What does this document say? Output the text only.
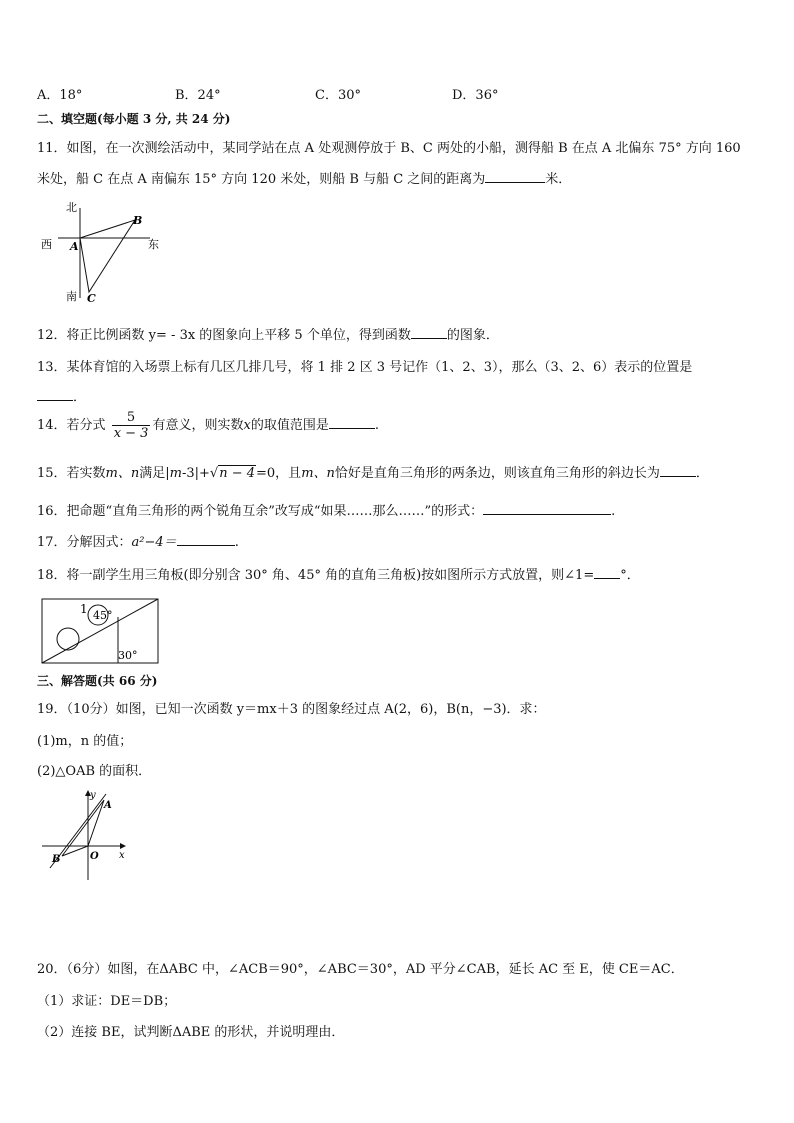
A．18°	B．24°	C．30°	D．36°
二、填空题(每小题 3 分, 共 24 分)
11．如图，在一次测绘活动中，某同学站在点 A 处观测停放于 B、C 两处的小船，测得船 B 在点 A 北偏东 75° 方向 160
米处，船 C 在点 A 南偏东 15° 方向 120 米处，则船 B 与船 C 之间的距离为	米．
北
南
西	东
A
B
C
12．将正比例函数 y= - 3x 的图象向上平移 5 个单位，得到函数	的图象．
13．某体育馆的入场票上标有几区几排几号，将 1 排 2 区 3 号记作（1、2、3），那么（3、2、6）表示的位置是
．
14．若分式 $\frac{5}{x - 3}$ 有意义，则实数x的取值范围是	.
15．若实数m、n满足|m-3|+√n − 4=0，且m、n恰好是直角三角形的两条边，则该直角三角形的斜边长为	．
16．把命题“直角三角形的两个锐角互余”改写成“如果……那么……”的形式：	.
17．分解因式：a²−4＝	.
18．将一副学生用三角板(即分别含 30° 角、45° 角的直角三角板)按如图所示方式放置，则∠1= °．
1 45°
30°
三、解答题(共 66 分)
19．（10分）如图，已知一次函数 y＝mx＋3 的图象经过点 A(2，6)，B(n，−3)．求：
(1)m，n 的值；
(2)△OAB 的面积．
y
x
A
B	O
20．（6分）如图，在ΔABC 中，∠ACB＝90°，∠ABC＝30°，AD 平分∠CAB，延长 AC 至 E，使 CE＝AC．
（1）求证：DE＝DB；
（2）连接 BE，试判断ΔABE 的形状，并说明理由．
